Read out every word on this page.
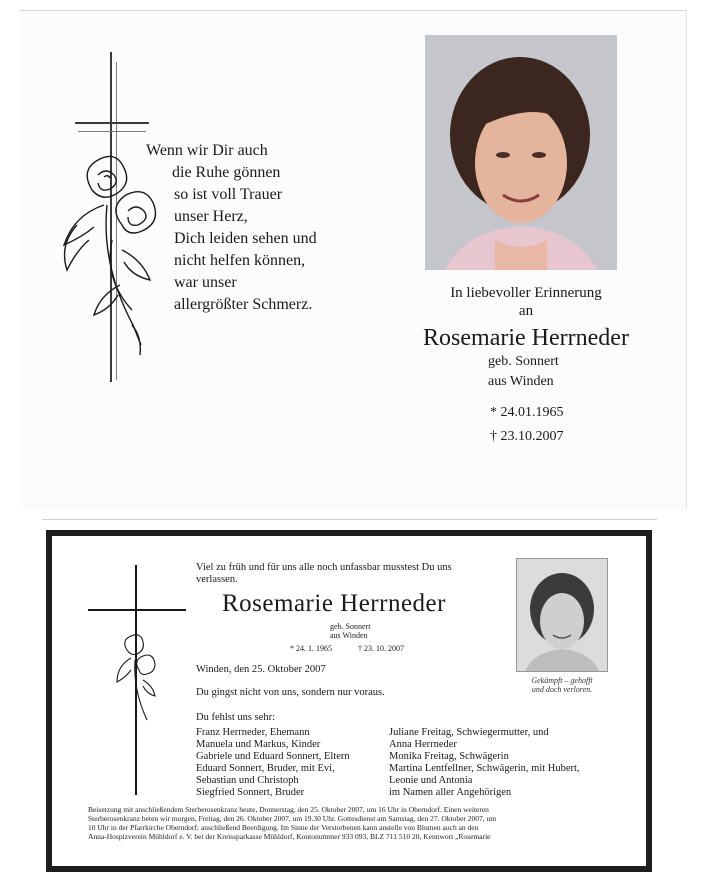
Wenn wir Dir auch
die Ruhe gönnen
so ist voll Trauer
unser Herz,
Dich leiden sehen und
nicht helfen können,
war unser
allergrößter Schmerz.
In liebevoller Erinnerung
an
Rosemarie Herrneder
geb. Sonnert
aus Winden
* 24.01.1965
† 23.10.2007
Viel zu früh und für uns alle noch unfassbar musstest Du uns
verlassen.
Rosemarie Herrneder
geb. Sonnert
aus Winden
* 24. 1. 1965	† 23. 10. 2007
Winden, den 25. Oktober 2007
Du gingst nicht von uns, sondern nur voraus.
Du fehlst uns sehr:
Franz Herrneder, Ehemann
Manuela und Markus, Kinder
Gabriele und Eduard Sonnert, Eltern
Eduard Sonnert, Bruder, mit Evi,
Sebastian und Christoph
Siegfried Sonnert, Bruder
Juliane Freitag, Schwiegermutter, und
Anna Herrneder
Monika Freitag, Schwägerin
Martina Lentfellner, Schwägerin, mit Hubert,
Leonie und Antonia
im Namen aller Angehörigen
Gekämpft – gehofft
und doch verloren.
Beisetzung mit anschließendem Sterberosenkranz heute, Donnerstag, den 25. Oktober 2007, um 16 Uhr in Oberndorf. Einen weiteren
Sterberosenkranz beten wir morgen, Freitag, den 26. Oktober 2007, um 19.30 Uhr. Gottesdienst am Samstag, den 27. Oktober 2007, um
10 Uhr in der Pfarrkirche Oberndorf; anschließend Beerdigung. Im Sinne der Verstorbenen kann anstelle von Blumen auch an den
Anna-Hospizverein Mühldorf e. V. bei der Kreissparkasse Mühldorf, Kontonummer 933 093, BLZ 711 510 20, Kennwort „Rosemarie
